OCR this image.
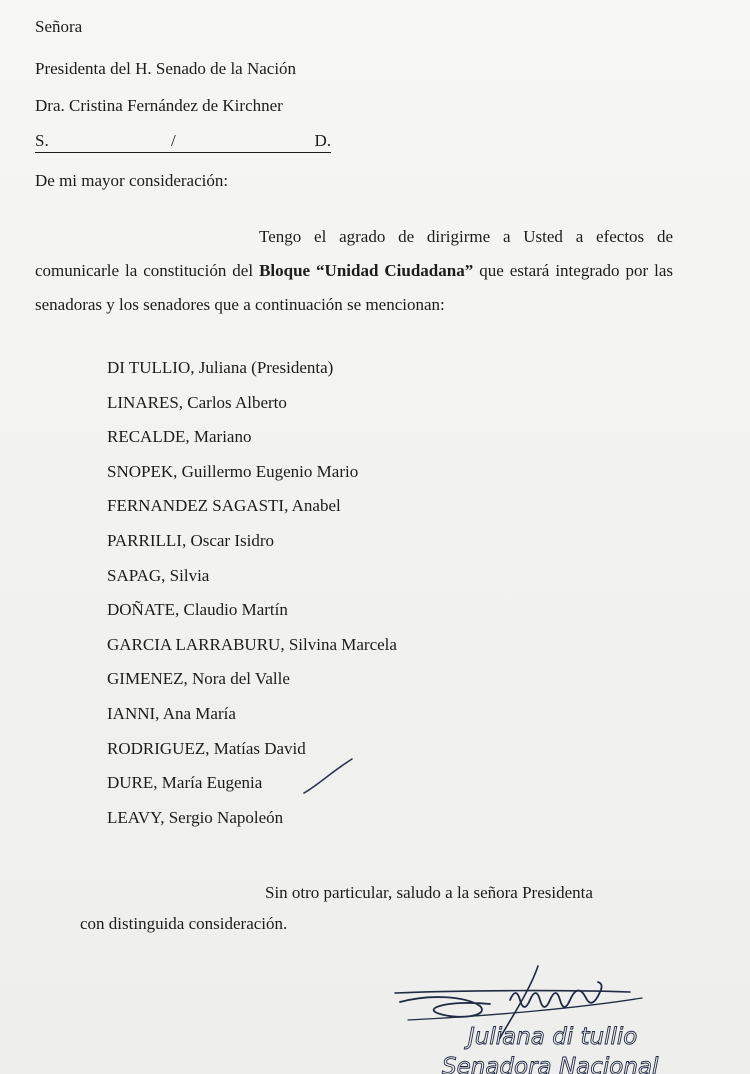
Señora
Presidenta del H. Senado de la Nación
Dra. Cristina Fernández de Kirchner
S.	/	D.
De mi mayor consideración:
Tengo el agrado de dirigirme a Usted a efectos de comunicarle la constitución del Bloque “Unidad Ciudadana” que estará integrado por las senadoras y los senadores que a continuación se mencionan:
DI TULLIO, Juliana (Presidenta)
LINARES, Carlos Alberto
RECALDE, Mariano
SNOPEK, Guillermo Eugenio Mario
FERNANDEZ SAGASTI, Anabel
PARRILLI, Oscar Isidro
SAPAG, Silvia
DOÑATE, Claudio Martín
GARCIA LARRABURU, Silvina Marcela
GIMENEZ, Nora del Valle
IANNI, Ana María
RODRIGUEZ, Matías David
DURE, María Eugenia
LEAVY, Sergio Napoleón
Sin otro particular, saludo a la señora Presidenta
con distinguida consideración.
Juliana di tullio
Senadora Nacional
